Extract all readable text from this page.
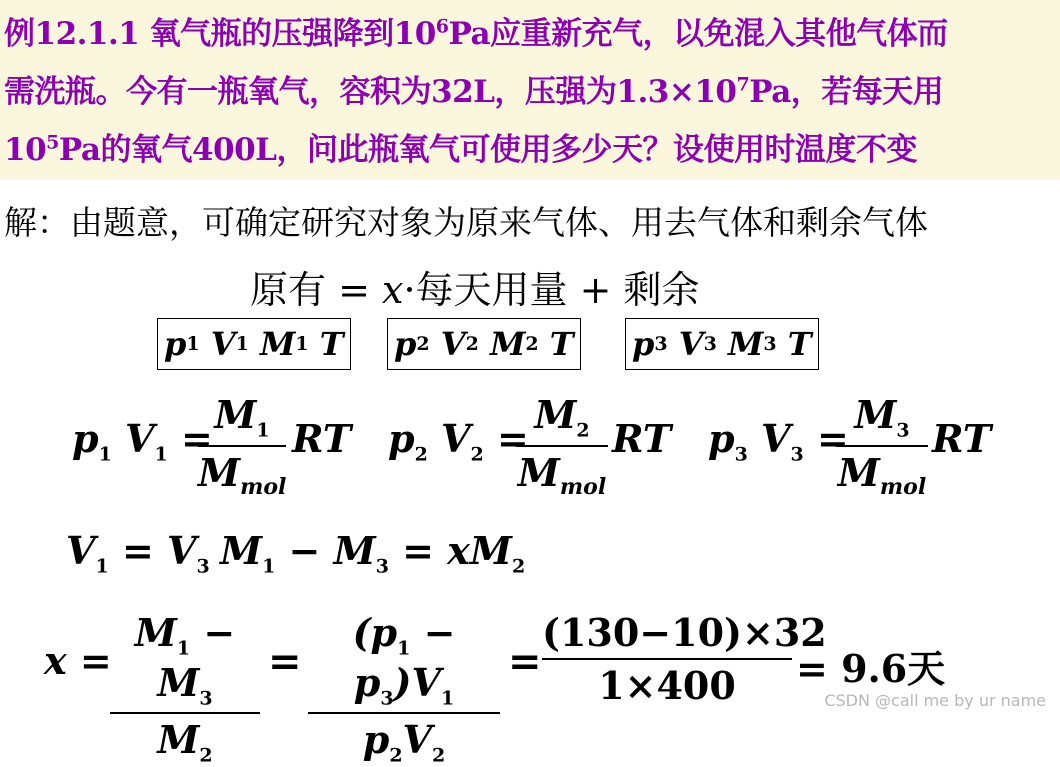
例12.1.1 氧气瓶的压强降到$10^6Pa$应重新充气，以免混入其他气体而
需洗瓶。今有一瓶氧气，容积为32L，压强为$1.3\times 10^7Pa$，若每天用
$10^5Pa$的氧气400L，问此瓶氧气可使用多少天？设使用时温度不变
解：由题意，可确定研究对象为原来气体、用去气体和剩余气体
原有 = x·每天用量 + 剩余
p 1
V 1
M 1
T p 2
V 2
M 2
T p 3
V 3
M 3
T
$p_1$ $V_1$ =
$M_1$
$M_{mol}$
RT $p_2$ $V_2$ =
$M_2$
$M_{mol}$
RT $p_3$ $V_3$ =
$M_3$
$M_{mol}$
RT
$V_1 = V_3$ $M_1 - M_3 = xM_2$
x =
$M_1 - M_3$
$M_2$
=
$(p_1 - p_3)V_1$
$p_2V_2$
=
(130−10)×32
1×400	= 9.6天
CSDN @call me by ur name
